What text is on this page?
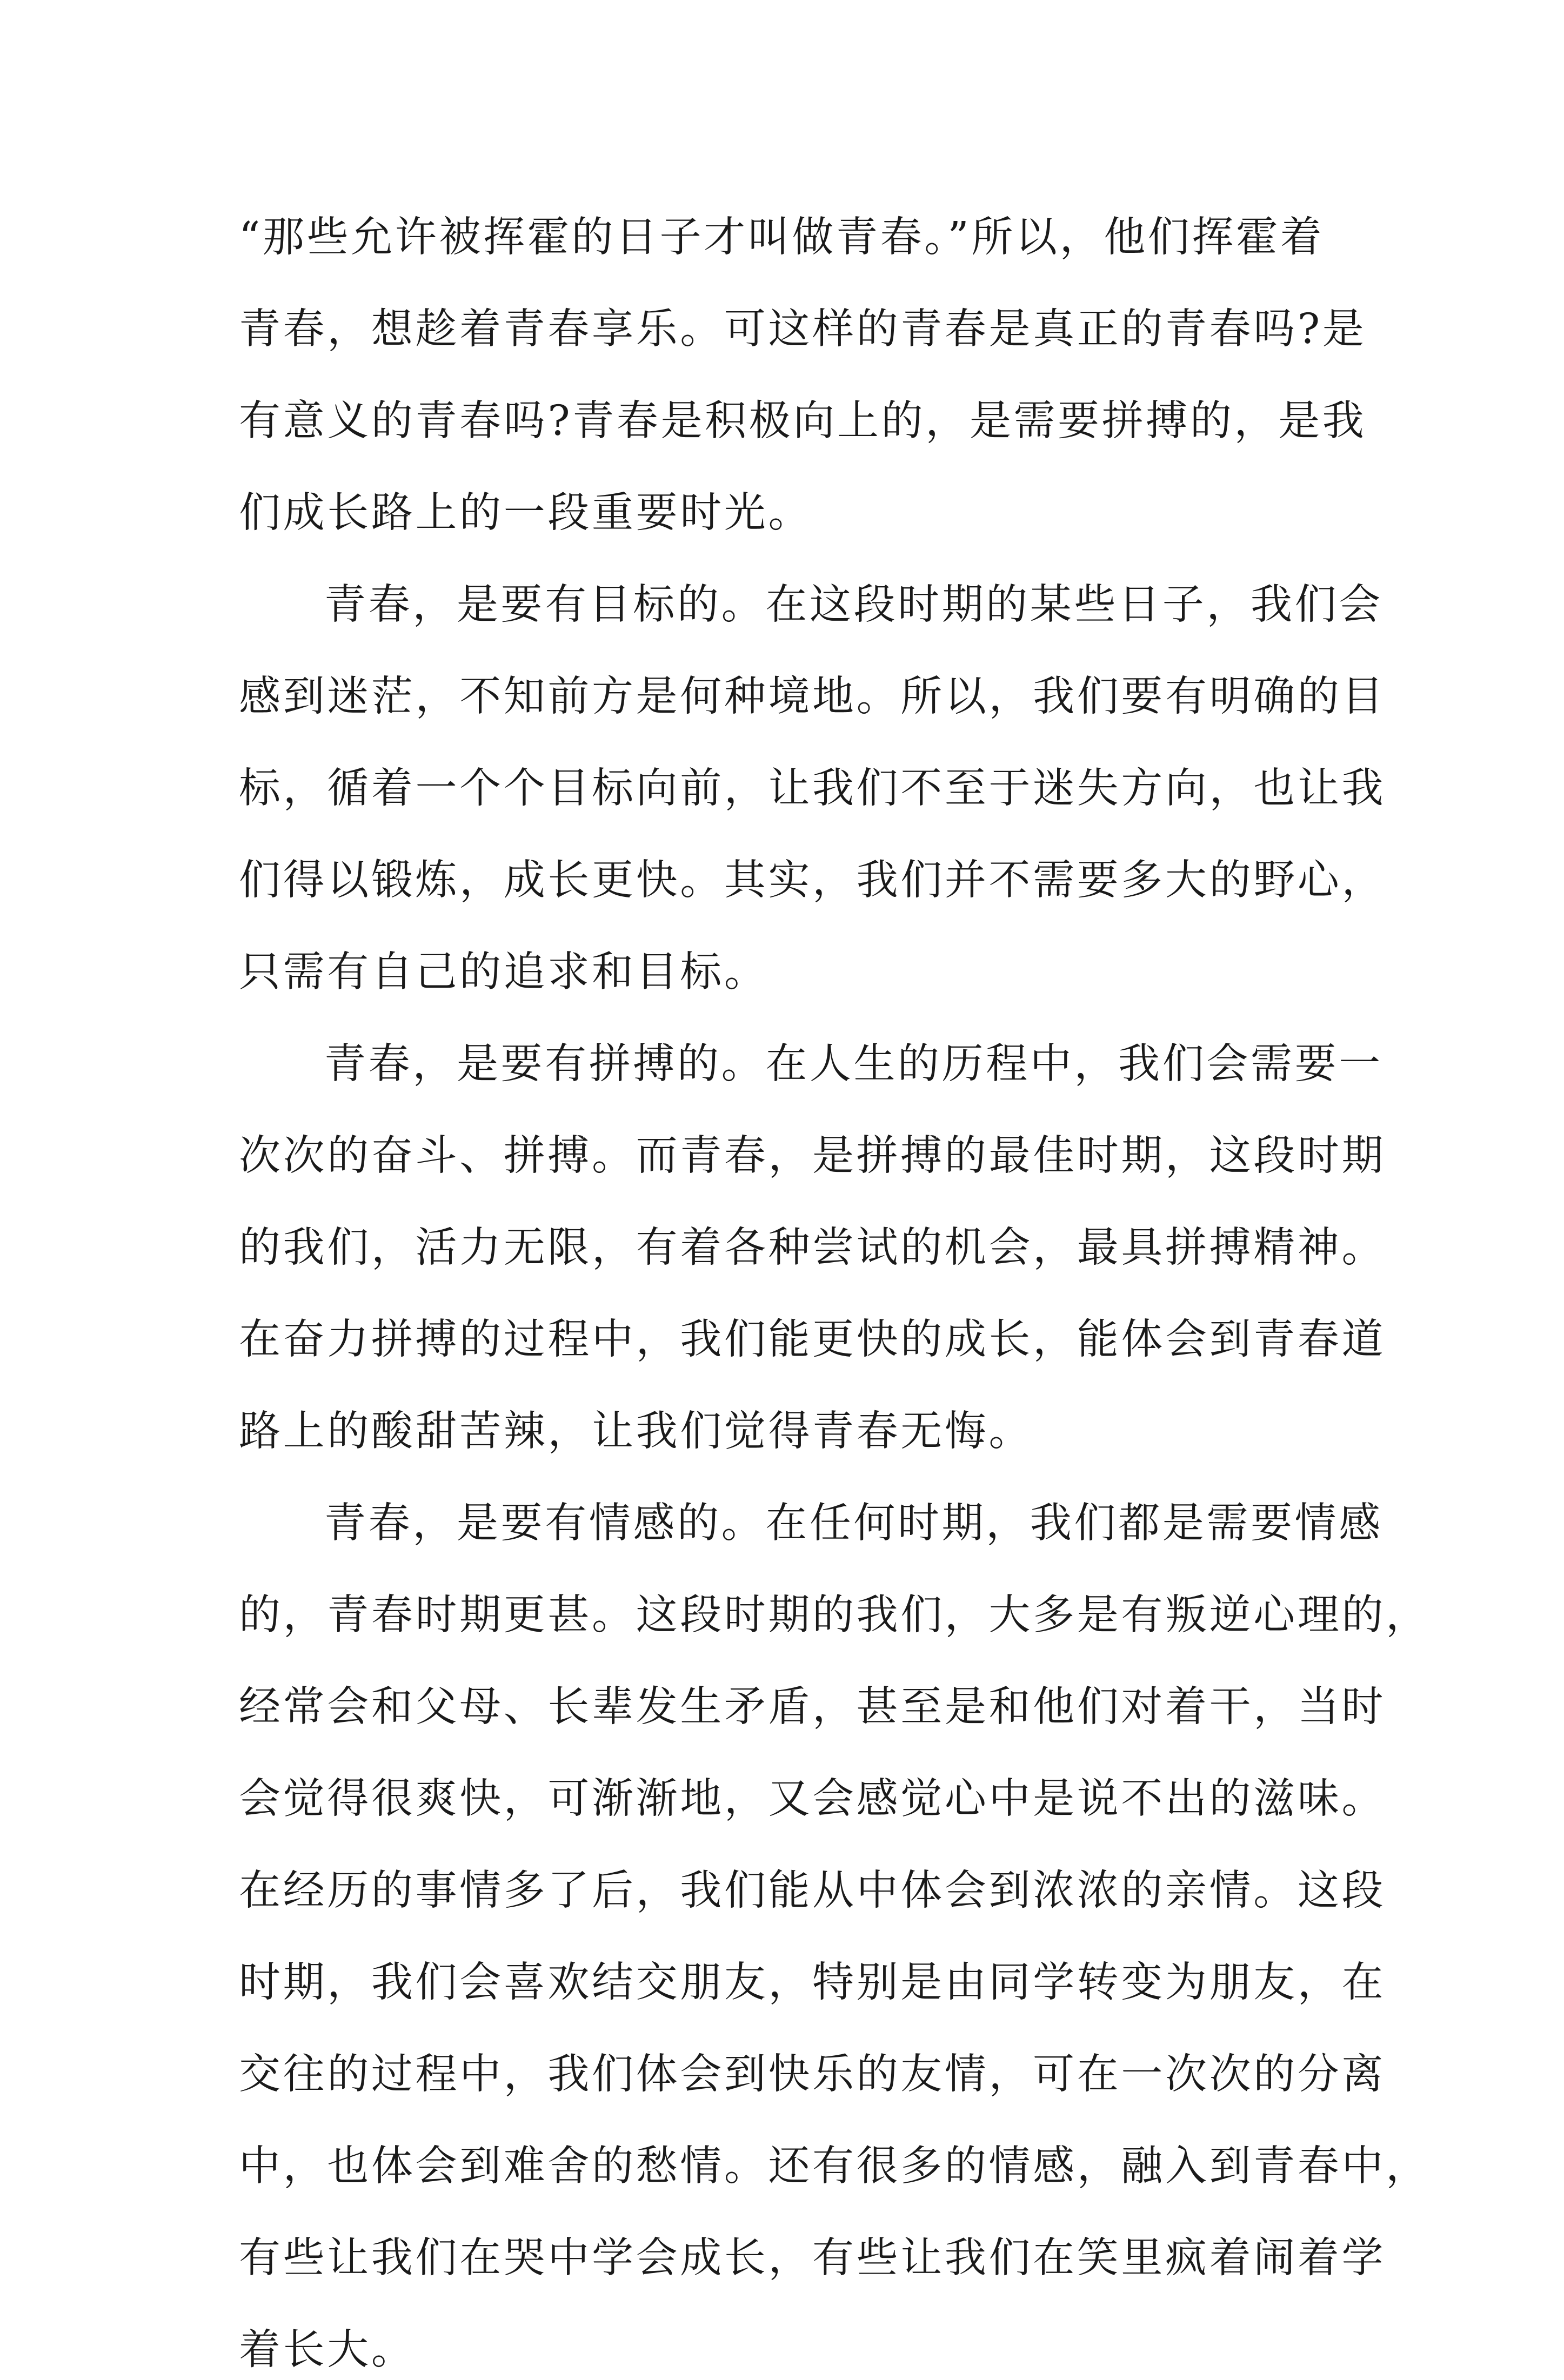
“那些允许被挥霍的日子才叫做青春。”所以，他们挥霍着
青春，想趁着青春享乐。可这样的青春是真正的青春吗?是
有意义的青春吗?青春是积极向上的，是需要拼搏的，是我
们成长路上的一段重要时光。
青春，是要有目标的。在这段时期的某些日子，我们会
感到迷茫，不知前方是何种境地。所以，我们要有明确的目
标，循着一个个目标向前，让我们不至于迷失方向，也让我
们得以锻炼，成长更快。其实，我们并不需要多大的野心，
只需有自己的追求和目标。
青春，是要有拼搏的。在人生的历程中，我们会需要一
次次的奋斗、拼搏。而青春，是拼搏的最佳时期，这段时期
的我们，活力无限，有着各种尝试的机会，最具拼搏精神。
在奋力拼搏的过程中，我们能更快的成长，能体会到青春道
路上的酸甜苦辣，让我们觉得青春无悔。
青春，是要有情感的。在任何时期，我们都是需要情感
的，青春时期更甚。这段时期的我们，大多是有叛逆心理的，
经常会和父母、长辈发生矛盾，甚至是和他们对着干，当时
会觉得很爽快，可渐渐地，又会感觉心中是说不出的滋味。
在经历的事情多了后，我们能从中体会到浓浓的亲情。这段
时期，我们会喜欢结交朋友，特别是由同学转变为朋友，在
交往的过程中，我们体会到快乐的友情，可在一次次的分离
中，也体会到难舍的愁情。还有很多的情感，融入到青春中，
有些让我们在哭中学会成长，有些让我们在笑里疯着闹着学
着长大。
